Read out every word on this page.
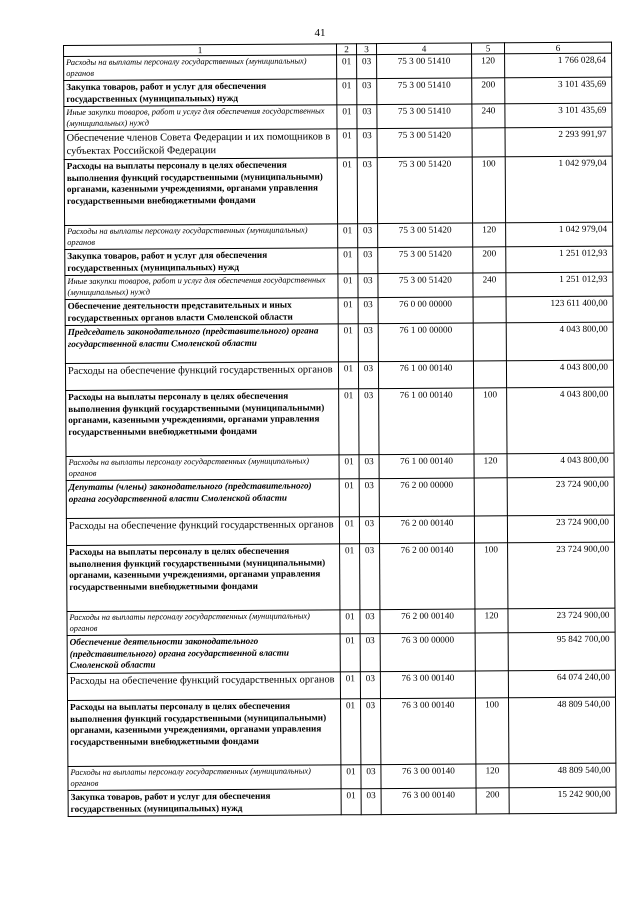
41
1	2	3	4	5	6
Расходы на выплаты персоналу государственных (муниципальных) органов	01	03	75 3 00 51410	120	1 766 028,64
Закупка товаров, работ и услуг для обеспечения государственных (муниципальных) нужд	01	03	75 3 00 51410	200	3 101 435,69
Иные закупки товаров, работ и услуг для обеспечения государственных (муниципальных) нужд	01	03	75 3 00 51410	240	3 101 435,69
Обеспечение членов Совета Федерации и их помощников в субъектах Российской Федерации	01	03	75 3 00 51420		2 293 991,97
Расходы на выплаты персоналу в целях обеспечения выполнения функций государственными (муниципальными) органами, казенными учреждениями, органами управления государственными внебюджетными фондами	01	03	75 3 00 51420	100	1 042 979,04
Расходы на выплаты персоналу государственных (муниципальных) органов	01	03	75 3 00 51420	120	1 042 979,04
Закупка товаров, работ и услуг для обеспечения государственных (муниципальных) нужд	01	03	75 3 00 51420	200	1 251 012,93
Иные закупки товаров, работ и услуг для обеспечения государственных (муниципальных) нужд	01	03	75 3 00 51420	240	1 251 012,93
Обеспечение деятельности представительных и иных государственных органов власти Смоленской области	01	03	76 0 00 00000		123 611 400,00
Председатель законодательного (представительного) органа государственной власти Смоленской области	01	03	76 1 00 00000		4 043 800,00
Расходы на обеспечение функций государственных органов	01	03	76 1 00 00140		4 043 800,00
Расходы на выплаты персоналу в целях обеспечения выполнения функций государственными (муниципальными) органами, казенными учреждениями, органами управления государственными внебюджетными фондами	01	03	76 1 00 00140	100	4 043 800,00
Расходы на выплаты персоналу государственных (муниципальных) органов	01	03	76 1 00 00140	120	4 043 800,00
Депутаты (члены) законодательного (представительного) органа государственной власти Смоленской области	01	03	76 2 00 00000		23 724 900,00
Расходы на обеспечение функций государственных органов	01	03	76 2 00 00140		23 724 900,00
Расходы на выплаты персоналу в целях обеспечения выполнения функций государственными (муниципальными) органами, казенными учреждениями, органами управления государственными внебюджетными фондами	01	03	76 2 00 00140	100	23 724 900,00
Расходы на выплаты персоналу государственных (муниципальных) органов	01	03	76 2 00 00140	120	23 724 900,00
Обеспечение деятельности законодательного (представительного) органа государственной власти Смоленской области	01	03	76 3 00 00000		95 842 700,00
Расходы на обеспечение функций государственных органов	01	03	76 3 00 00140		64 074 240,00
Расходы на выплаты персоналу в целях обеспечения выполнения функций государственными (муниципальными) органами, казенными учреждениями, органами управления государственными внебюджетными фондами	01	03	76 3 00 00140	100	48 809 540,00
Расходы на выплаты персоналу государственных (муниципальных) органов	01	03	76 3 00 00140	120	48 809 540,00
Закупка товаров, работ и услуг для обеспечения государственных (муниципальных) нужд	01	03	76 3 00 00140	200	15 242 900,00
